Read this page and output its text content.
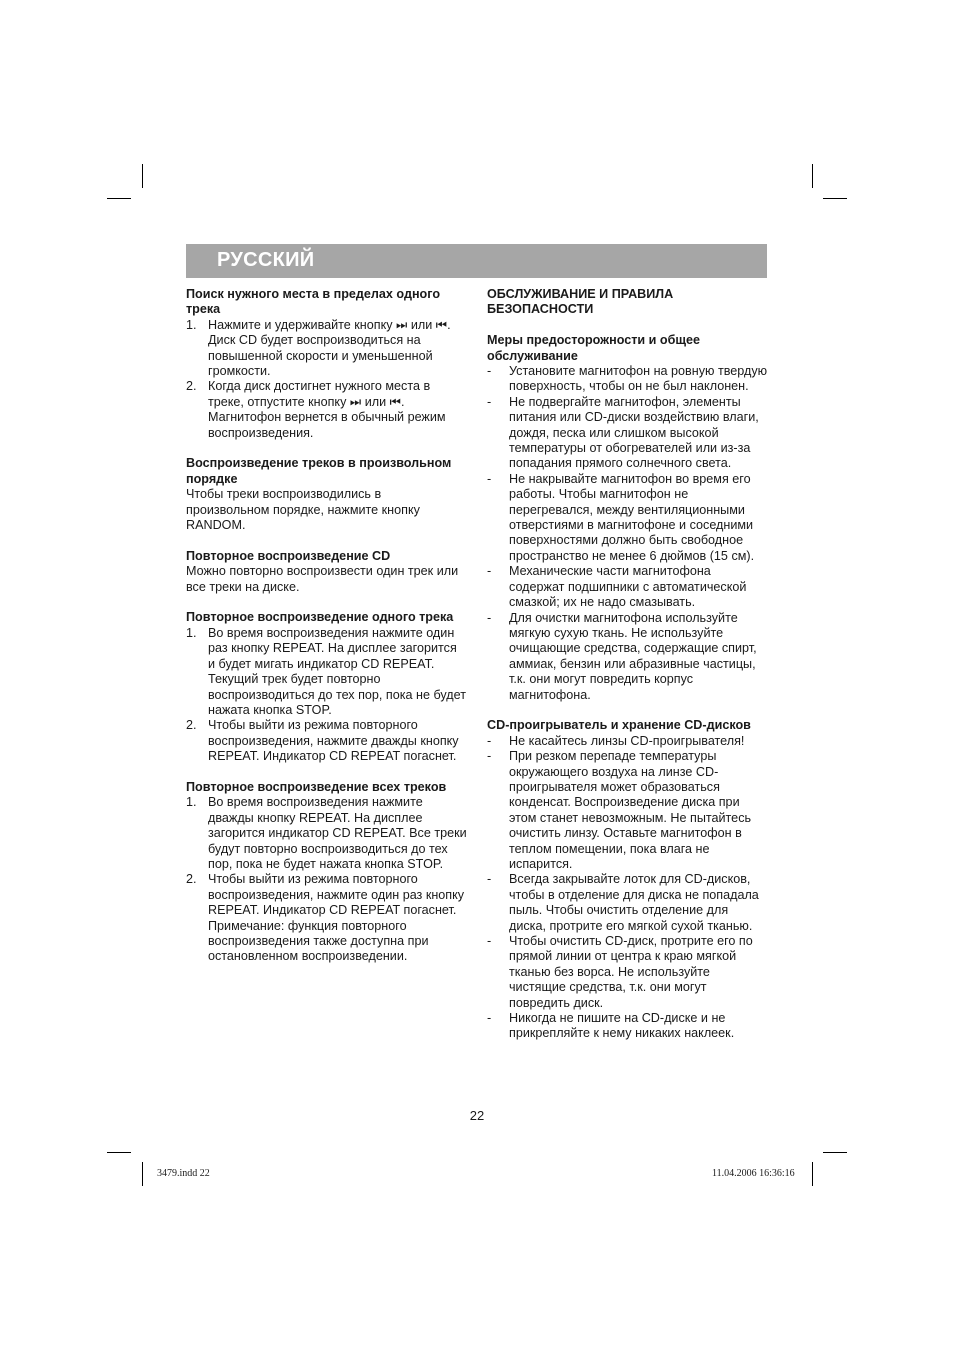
РУССКИЙ

Поиск нужного места в пределах одного трека

1. Нажмите и удерживайте кнопку ⏭ или ⏮. Диск CD будет воспроизводиться на повышенной скорости и уменьшенной громкости.
2. Когда диск достигнет нужного места в треке, отпустите кнопку ⏭ или ⏮. Магнитофон вернется в обычный режим воспроизведения.

Воспроизведение треков в произвольном порядке

Чтобы треки воспроизводились в произвольном порядке, нажмите кнопку RANDOM.

Повторное воспроизведение CD

Можно повторно воспроизвести один трек или все треки на диске.

Повторное воспроизведение одного трека

1. Во время воспроизведения нажмите один раз кнопку REPEAT. На дисплее загорится и будет мигать индикатор CD REPEAT. Текущий трек будет повторно воспроизводиться до тех пор, пока не будет нажата кнопка STOP.
2. Чтобы выйти из режима повторного воспроизведения, нажмите дважды кнопку REPEAT. Индикатор CD REPEAT погаснет.

Повторное воспроизведение всех треков

1. Во время воспроизведения нажмите дважды кнопку REPEAT. На дисплее загорится индикатор CD REPEAT. Все треки будут повторно воспроизводиться до тех пор, пока не будет нажата кнопка STOP.
2. Чтобы выйти из режима повторного воспроизведения, нажмите один раз кнопку REPEAT. Индикатор CD REPEAT погаснет.
Примечание: функция повторного воспроизведения также доступна при остановленном воспроизведении.

ОБСЛУЖИВАНИЕ И ПРАВИЛА БЕЗОПАСНОСТИ

Меры предосторожности и общее обслуживание

-	Установите магнитофон на ровную твердую поверхность, чтобы он не был наклонен.
-	Не подвергайте магнитофон, элементы питания или CD-диски воздействию влаги, дождя, песка или слишком высокой температуры от обогревателей или из-за попадания прямого солнечного света.
-	Не накрывайте магнитофон во время его работы. Чтобы магнитофон не перегревался, между вентиляционными отверстиями в магнитофоне и соседними поверхностями должно быть свободное пространство не менее 6 дюймов (15 см).
-	Механические части магнитофона содержат подшипники с автоматической смазкой; их не надо смазывать.
-	Для очистки магнитофона используйте мягкую сухую ткань. Не используйте очищающие средства, содержащие спирт, аммиак, бензин или абразивные частицы, т.к. они могут повредить корпус магнитофона.

CD-проигрыватель и хранение CD-дисков

-	Не касайтесь линзы CD-проигрывателя!
-	При резком перепаде температуры окружающего воздуха на линзе CD-проигрывателя может образоваться конденсат. Воспроизведение диска при этом станет невозможным. Не пытайтесь очистить линзу. Оставьте магнитофон в теплом помещении, пока влага не испарится.
-	Всегда закрывайте лоток для CD-дисков, чтобы в отделение для диска не попадала пыль. Чтобы очистить отделение для диска, протрите его мягкой сухой тканью.
-	Чтобы очистить CD-диск, протрите его по прямой линии от центра к краю мягкой тканью без ворса. Не используйте чистящие средства, т.к. они могут повредить диск.
-	Никогда не пишите на CD-диске и не прикрепляйте к нему никаких наклеек.
22
3479.indd 22	11.04.2006 16:36:16
